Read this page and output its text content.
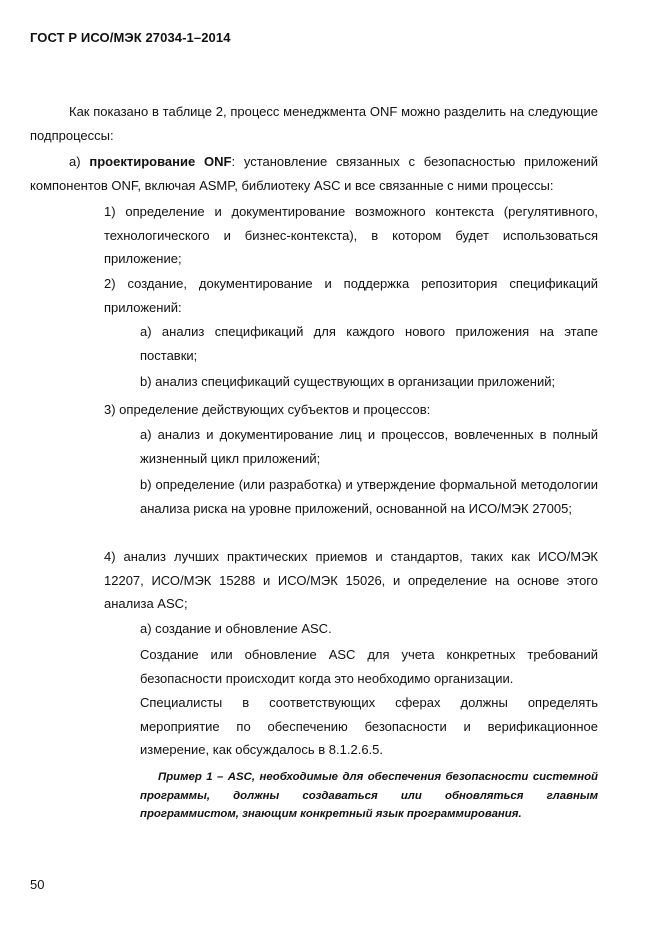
ГОСТ Р ИСО/МЭК 27034-1–2014

Как показано в таблице 2, процесс менеджмента ONF можно разделить на следующие подпроцессы:

а) проектирование ONF: установление связанных с безопасностью приложений компонентов ONF, включая ASMP, библиотеку ASC и все связанные с ними процессы:

1) определение и документирование возможного контекста (регулятивного, технологического и бизнес-контекста), в котором будет использоваться приложение;

2) создание, документирование и поддержка репозитория спецификаций приложений:

a) анализ спецификаций для каждого нового приложения на этапе поставки;

b) анализ спецификаций существующих в организации приложений;

3) определение действующих субъектов и процессов:

a) анализ и документирование лиц и процессов, вовлеченных в полный жизненный цикл приложений;

b) определение (или разработка) и утверждение формальной методологии анализа риска на уровне приложений, основанной на ИСО/МЭК 27005;

4) анализ лучших практических приемов и стандартов, таких как ИСО/МЭК 12207, ИСО/МЭК 15288 и ИСО/МЭК 15026, и определение на основе этого анализа ASC;

a) создание и обновление ASC.

Создание или обновление ASC для учета конкретных требований безопасности происходит когда это необходимо организации.

Специалисты в соответствующих сферах должны определять мероприятие по обеспечению безопасности и верификационное измерение, как обсуждалось в 8.1.2.6.5.

Пример 1 – ASC, необходимые для обеспечения безопасности системной программы, должны создаваться или обновляться главным программистом, знающим конкретный язык программирования.

50
